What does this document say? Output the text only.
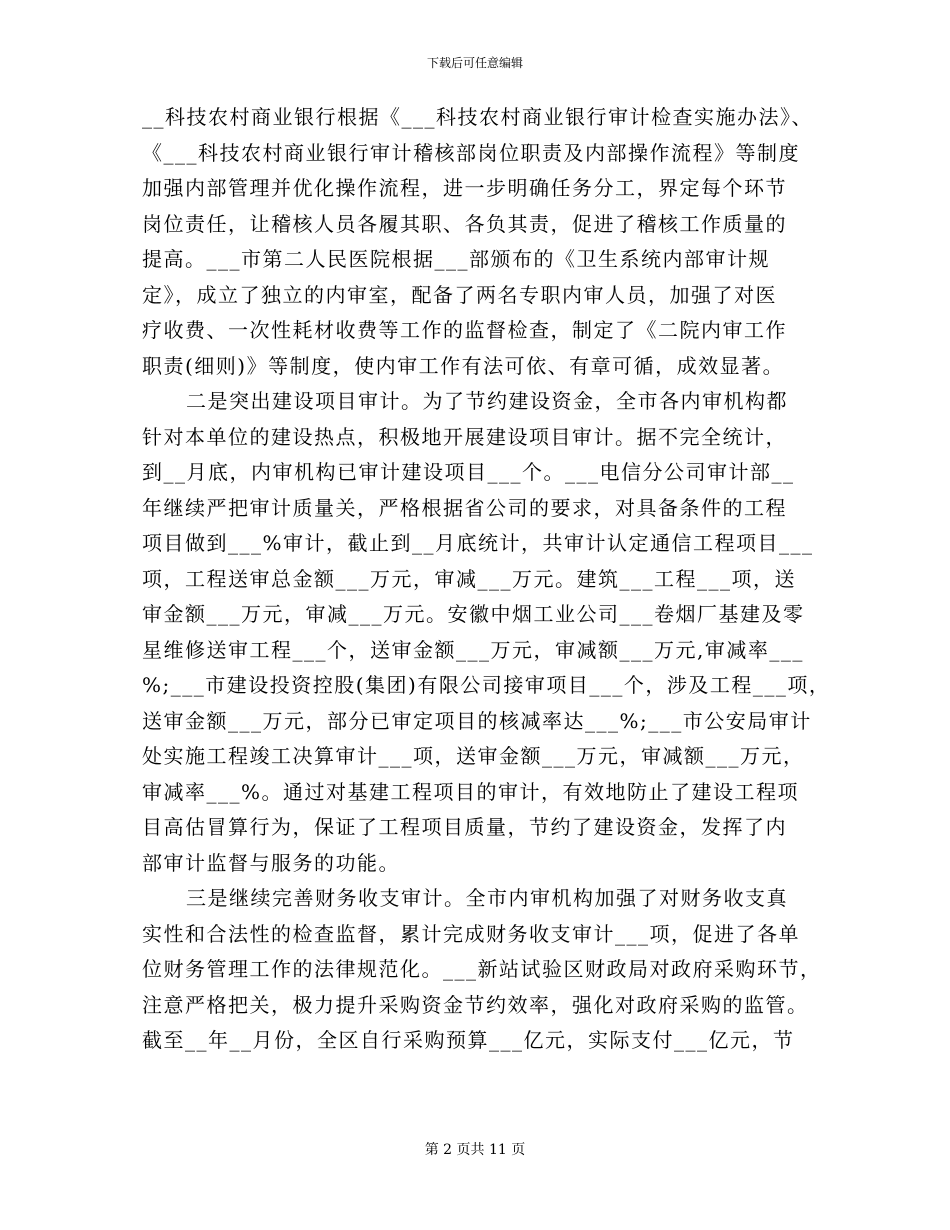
下载后可任意编辑
__科技农村商业银行根据《___科技农村商业银行审计检查实施办法》、
《___科技农村商业银行审计稽核部岗位职责及内部操作流程》等制度
加强内部管理并优化操作流程，进一步明确任务分工，界定每个环节
岗位责任，让稽核人员各履其职、各负其责，促进了稽核工作质量的
提高。___市第二人民医院根据___部颁布的《卫生系统内部审计规
定》，成立了独立的内审室，配备了两名专职内审人员，加强了对医
疗收费、一次性耗材收费等工作的监督检查，制定了《二院内审工作
职责(细则)》等制度，使内审工作有法可依、有章可循，成效显著。
二是突出建设项目审计。为了节约建设资金，全市各内审机构都
针对本单位的建设热点，积极地开展建设项目审计。据不完全统计，
到__月底，内审机构已审计建设项目___个。___电信分公司审计部__
年继续严把审计质量关，严格根据省公司的要求，对具备条件的工程
项目做到___%审计，截止到__月底统计，共审计认定通信工程项目___
项，工程送审总金额___万元，审减___万元。建筑___工程___项，送
审金额___万元，审减___万元。安徽中烟工业公司___卷烟厂基建及零
星维修送审工程___个，送审金额___万元，审减额___万元,审减率___
%;___市建设投资控股(集团)有限公司接审项目___个，涉及工程___项，
送审金额___万元，部分已审定项目的核减率达___%;___市公安局审计
处实施工程竣工决算审计___项，送审金额___万元，审减额___万元，
审减率___%。通过对基建工程项目的审计，有效地防止了建设工程项
目高估冒算行为，保证了工程项目质量，节约了建设资金，发挥了内
部审计监督与服务的功能。
三是继续完善财务收支审计。全市内审机构加强了对财务收支真
实性和合法性的检查监督，累计完成财务收支审计___项，促进了各单
位财务管理工作的法律规范化。___新站试验区财政局对政府采购环节，
注意严格把关，极力提升采购资金节约效率，强化对政府采购的监管。
截至__年__月份，全区自行采购预算___亿元，实际支付___亿元，节
第 2 页共 11 页
